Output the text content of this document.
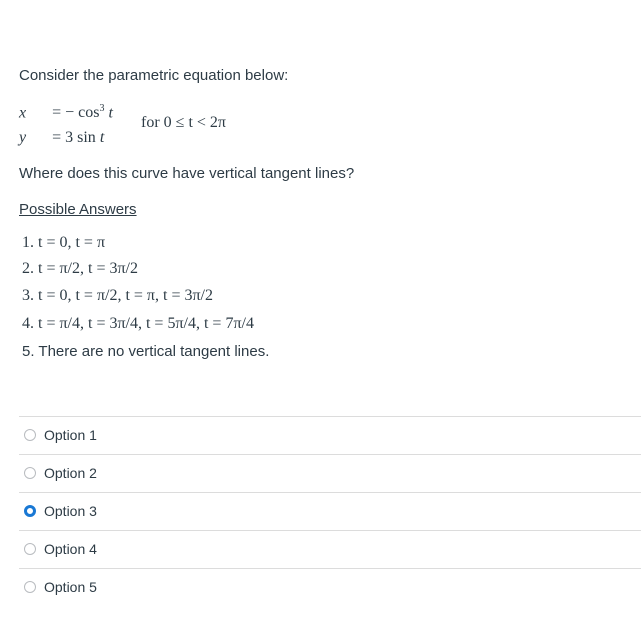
Consider the parametric equation below:
x = − $\cos^3 t$
y = 3 sin t
for 0 ≤ t < 2π
Where does this curve have vertical tangent lines?
Possible Answers
1. t = 0, t = π
2. t = π/2, t = 3π/2
3. t = 0, t = π/2, t = π, t = 3π/2
4. t = π/4, t = 3π/4, t = 5π/4, t = 7π/4
5. There are no vertical tangent lines.
Option 1
Option 2
Option 3
Option 4
Option 5
